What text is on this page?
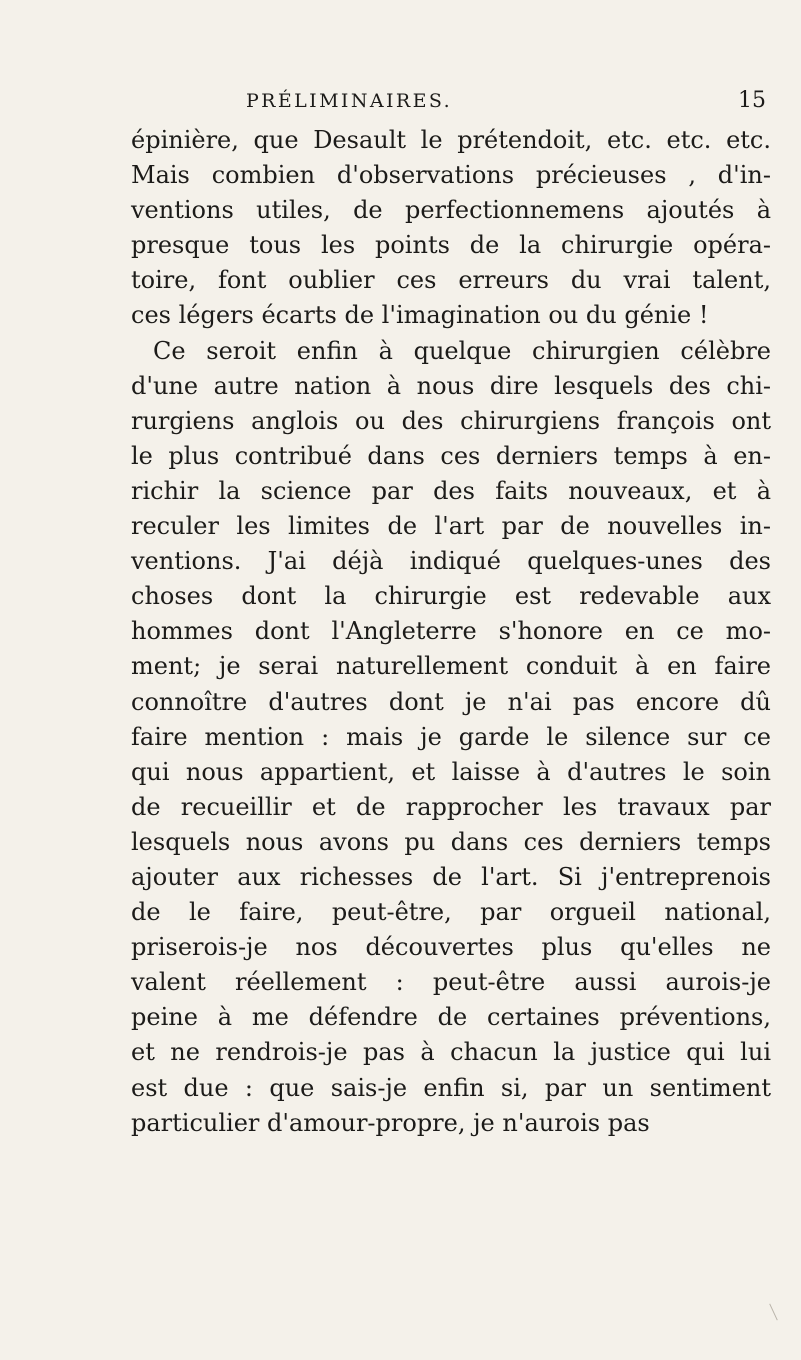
PRÉLIMINAIRES.	15
épinière, que Desault le prétendoit, etc. etc. etc.
Mais combien d'observations précieuses , d'in-
ventions utiles, de perfectionnemens ajoutés à
presque tous les points de la chirurgie opéra-
toire, font oublier ces erreurs du vrai talent,
ces légers écarts de l'imagination ou du génie !
Ce seroit enfin à quelque chirurgien célèbre
d'une autre nation à nous dire lesquels des chi-
rurgiens anglois ou des chirurgiens françois ont
le plus contribué dans ces derniers temps à en-
richir la science par des faits nouveaux, et à
reculer les limites de l'art par de nouvelles in-
ventions. J'ai déjà indiqué quelques-unes des
choses dont la chirurgie est redevable aux
hommes dont l'Angleterre s'honore en ce mo-
ment; je serai naturellement conduit à en faire
connoître d'autres dont je n'ai pas encore dû
faire mention : mais je garde le silence sur ce
qui nous appartient, et laisse à d'autres le soin
de recueillir et de rapprocher les travaux par
lesquels nous avons pu dans ces derniers temps
ajouter aux richesses de l'art. Si j'entreprenois
de le faire, peut-être, par orgueil national,
priserois-je nos découvertes plus qu'elles ne
valent réellement : peut-être aussi aurois-je
peine à me défendre de certaines préventions,
et ne rendrois-je pas à chacun la justice qui lui
est due : que sais-je enfin si, par un sentiment
particulier d'amour-propre, je n'aurois pas
